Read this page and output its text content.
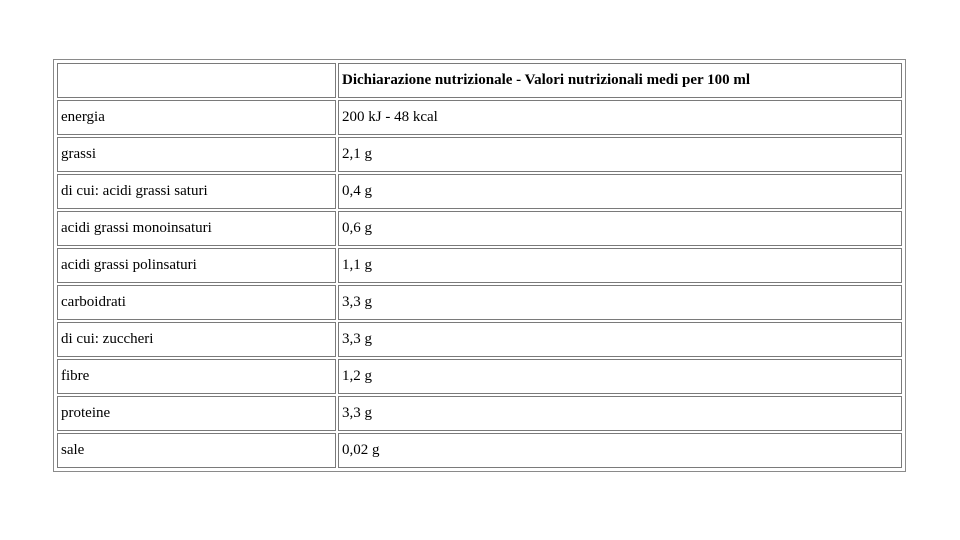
	Dichiarazione nutrizionale - Valori nutrizionali medi per 100 ml
energia	200 kJ - 48 kcal
grassi	2,1 g
di cui: acidi grassi saturi	0,4 g
acidi grassi monoinsaturi	0,6 g
acidi grassi polinsaturi	1,1 g
carboidrati	3,3 g
di cui: zuccheri	3,3 g
fibre	1,2 g
proteine	3,3 g
sale	0,02 g
